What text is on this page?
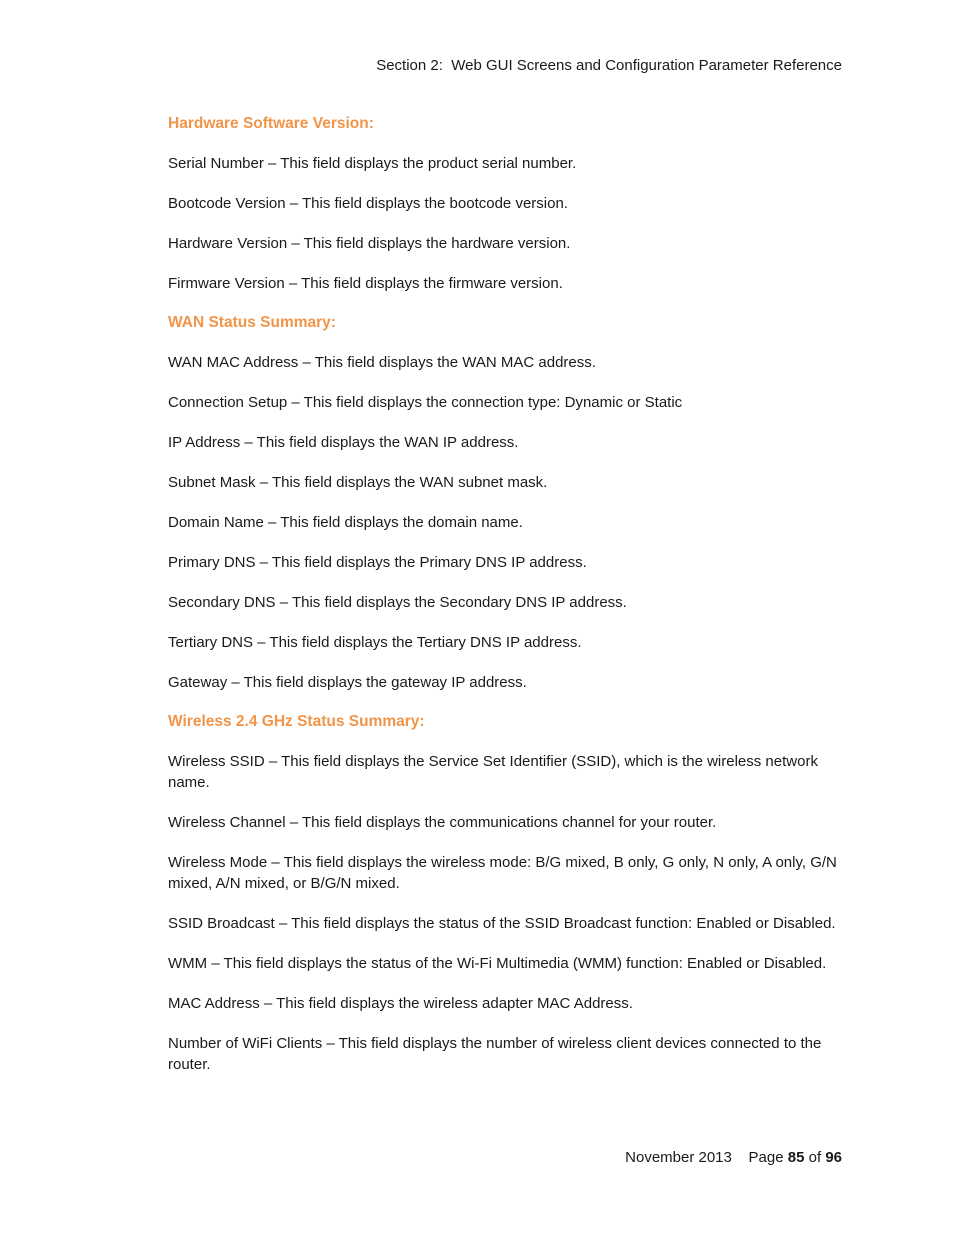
Section 2:  Web GUI Screens and Configuration Parameter Reference
Hardware Software Version:
Serial Number – This field displays the product serial number.
Bootcode Version – This field displays the bootcode version.
Hardware Version – This field displays the hardware version.
Firmware Version – This field displays the firmware version.
WAN Status Summary:
WAN MAC Address – This field displays the WAN MAC address.
Connection Setup – This field displays the connection type: Dynamic or Static
IP Address – This field displays the WAN IP address.
Subnet Mask – This field displays the WAN subnet mask.
Domain Name – This field displays the domain name.
Primary DNS – This field displays the Primary DNS IP address.
Secondary DNS – This field displays the Secondary DNS IP address.
Tertiary DNS – This field displays the Tertiary DNS IP address.
Gateway – This field displays the gateway IP address.
Wireless 2.4 GHz Status Summary:
Wireless SSID – This field displays the Service Set Identifier (SSID), which is the wireless network name.
Wireless Channel – This field displays the communications channel for your router.
Wireless Mode – This field displays the wireless mode: B/G mixed, B only, G only, N only, A only, G/N mixed, A/N mixed, or B/G/N mixed.
SSID Broadcast – This field displays the status of the SSID Broadcast function: Enabled or Disabled.
WMM – This field displays the status of the Wi-Fi Multimedia (WMM) function: Enabled or Disabled.
MAC Address – This field displays the wireless adapter MAC Address.
Number of WiFi Clients – This field displays the number of wireless client devices connected to the router.
November 2013 Page 85 of 96
